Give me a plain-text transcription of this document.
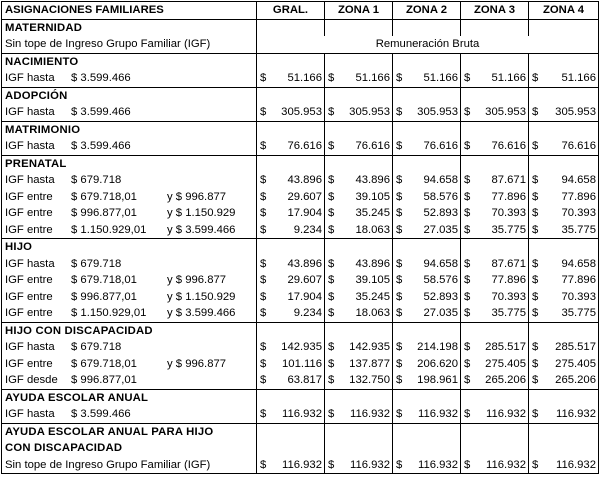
ASIGNACIONES FAMILIARES	GRAL.	ZONA 1	ZONA 2	ZONA 3	ZONA 4
MATERNIDAD					
Sin tope de Ingreso Grupo Familiar (IGF)	Remuneración Bruta				
NACIMIENTO					
IGF hasta $ 3.599.466	$ 51.166	$ 51.166	$ 51.166	$ 51.166	$ 51.166
ADOPCIÓN					
IGF hasta $ 3.599.466	$ 305.953	$ 305.953	$ 305.953	$ 305.953	$ 305.953
MATRIMONIO					
IGF hasta $ 3.599.466	$ 76.616	$ 76.616	$ 76.616	$ 76.616	$ 76.616
PRENATAL					
IGF hasta $ 679.718	$ 43.896	$ 43.896	$ 94.658	$ 87.671	$ 94.658
IGF entre $ 679.718,01 y $ 996.877	$ 29.607	$ 39.105	$ 58.576	$ 77.896	$ 77.896
IGF entre $ 996.877,01 y $ 1.150.929	$ 17.904	$ 35.245	$ 52.893	$ 70.393	$ 70.393
IGF entre $ 1.150.929,01 y $ 3.599.466	$ 9.234	$ 18.063	$ 27.035	$ 35.775	$ 35.775
HIJO					
IGF hasta $ 679.718	$ 43.896	$ 43.896	$ 94.658	$ 87.671	$ 94.658
IGF entre $ 679.718,01 y $ 996.877	$ 29.607	$ 39.105	$ 58.576	$ 77.896	$ 77.896
IGF entre $ 996.877,01 y $ 1.150.929	$ 17.904	$ 35.245	$ 52.893	$ 70.393	$ 70.393
IGF entre $ 1.150.929,01 y $ 3.599.466	$ 9.234	$ 18.063	$ 27.035	$ 35.775	$ 35.775
HIJO CON DISCAPACIDAD					
IGF hasta $ 679.718	$ 142.935	$ 142.935	$ 214.198	$ 285.517	$ 285.517
IGF entre $ 679.718,01 y $ 996.877	$ 101.116	$ 137.877	$ 206.620	$ 275.405	$ 275.405
IGF desde $ 996.877,01	$ 63.817	$ 132.750	$ 198.961	$ 265.206	$ 265.206
AYUDA ESCOLAR ANUAL					
IGF hasta $ 3.599.466	$ 116.932	$ 116.932	$ 116.932	$ 116.932	$ 116.932
AYUDA ESCOLAR ANUAL PARA HIJO					
CON DISCAPACIDAD					
Sin tope de Ingreso Grupo Familiar (IGF)	$ 116.932	$ 116.932	$ 116.932	$ 116.932	$ 116.932
